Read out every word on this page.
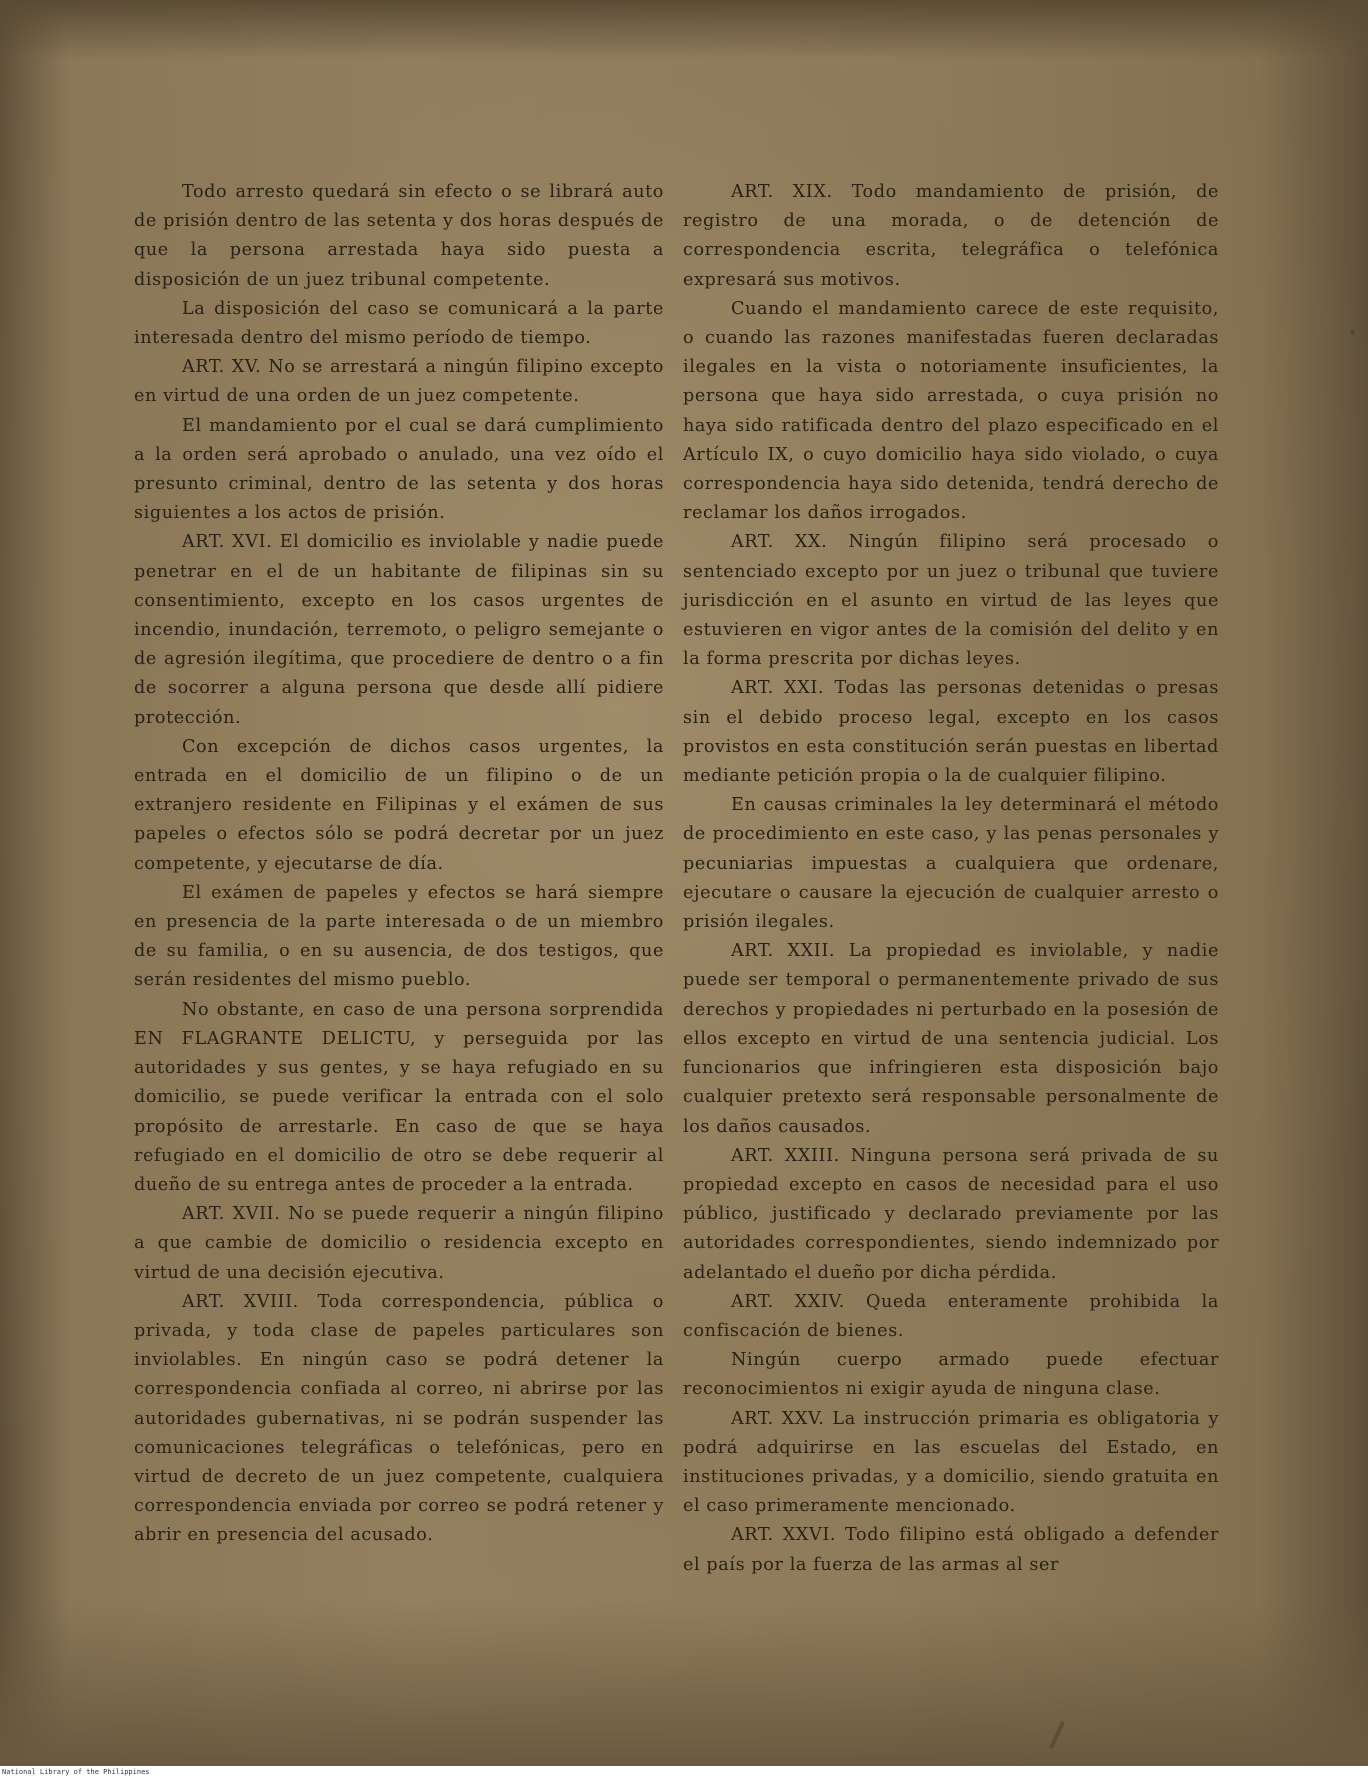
Todo arresto quedará sin efecto o se librará auto de prisión dentro de las setenta y dos horas después de que la persona arrestada haya sido puesta a disposición de un juez tribunal competente.

La disposición del caso se comunicará a la parte interesada dentro del mismo período de tiempo.

ART. XV. No se arrestará a ningún filipino excepto en virtud de una orden de un juez competente.

El mandamiento por el cual se dará cumplimiento a la orden será aprobado o anulado, una vez oído el presunto criminal, dentro de las setenta y dos horas siguientes a los actos de prisión.

ART. XVI. El domicilio es inviolable y nadie puede penetrar en el de un habitante de filipinas sin su consentimiento, excepto en los casos urgentes de incendio, inundación, terremoto, o peligro semejante o de agresión ilegítima, que procediere de dentro o a fin de socorrer a alguna persona que desde allí pidiere protección.

Con excepción de dichos casos urgentes, la entrada en el domicilio de un filipino o de un extranjero residente en Filipinas y el exámen de sus papeles o efectos sólo se podrá decretar por un juez competente, y ejecutarse de día.

El exámen de papeles y efectos se hará siempre en presencia de la parte interesada o de un miembro de su familia, o en su ausencia, de dos testigos, que serán residentes del mismo pueblo.

No obstante, en caso de una persona sorprendida EN FLAGRANTE DELICTU, y perseguida por las autoridades y sus gentes, y se haya refugiado en su domicilio, se puede verificar la entrada con el solo propósito de arrestarle. En caso de que se haya refugiado en el domicilio de otro se debe requerir al dueño de su entrega antes de proceder a la entrada.

ART. XVII. No se puede requerir a ningún filipino a que cambie de domicilio o residencia excepto en virtud de una decisión ejecutiva.

ART. XVIII. Toda correspondencia, pública o privada, y toda clase de papeles particulares son inviolables. En ningún caso se podrá detener la correspondencia confiada al correo, ni abrirse por las autoridades gubernativas, ni se podrán suspender las comunicaciones telegráficas o telefónicas, pero en virtud de decreto de un juez competente, cualquiera correspondencia enviada por correo se podrá retener y abrir en presencia del acusado.

ART. XIX. Todo mandamiento de prisión, de registro de una morada, o de detención de correspondencia escrita, telegráfica o telefónica expresará sus motivos.

Cuando el mandamiento carece de este requisito, o cuando las razones manifestadas fueren declaradas ilegales en la vista o notoriamente insuficientes, la persona que haya sido arrestada, o cuya prisión no haya sido ratificada dentro del plazo especificado en el Artículo IX, o cuyo domicilio haya sido violado, o cuya correspondencia haya sido detenida, tendrá derecho de reclamar los daños irrogados.

ART. XX. Ningún filipino será procesado o sentenciado excepto por un juez o tribunal que tuviere jurisdicción en el asunto en virtud de las leyes que estuvieren en vigor antes de la comisión del delito y en la forma prescrita por dichas leyes.

ART. XXI. Todas las personas detenidas o presas sin el debido proceso legal, excepto en los casos provistos en esta constitución serán puestas en libertad mediante petición propia o la de cualquier filipino.

En causas criminales la ley determinará el método de procedimiento en este caso, y las penas personales y pecuniarias impuestas a cualquiera que ordenare, ejecutare o causare la ejecución de cualquier arresto o prisión ilegales.

ART. XXII. La propiedad es inviolable, y nadie puede ser temporal o permanentemente privado de sus derechos y propiedades ni perturbado en la posesión de ellos excepto en virtud de una sentencia judicial. Los funcionarios que infringieren esta disposición bajo cualquier pretexto será responsable personalmente de los daños causados.

ART. XXIII. Ninguna persona será privada de su propiedad excepto en casos de necesidad para el uso público, justificado y declarado previamente por las autoridades correspondientes, siendo indemnizado por adelantado el dueño por dicha pérdida.

ART. XXIV. Queda enteramente prohibida la confiscación de bienes.

Ningún cuerpo armado puede efectuar reconocimientos ni exigir ayuda de ninguna clase.

ART. XXV. La instrucción primaria es obligatoria y podrá adquirirse en las escuelas del Estado, en instituciones privadas, y a domicilio, siendo gratuita en el caso primeramente mencionado.

ART. XXVI. Todo filipino está obligado a defender el país por la fuerza de las armas al ser

National Library of the Philippines
